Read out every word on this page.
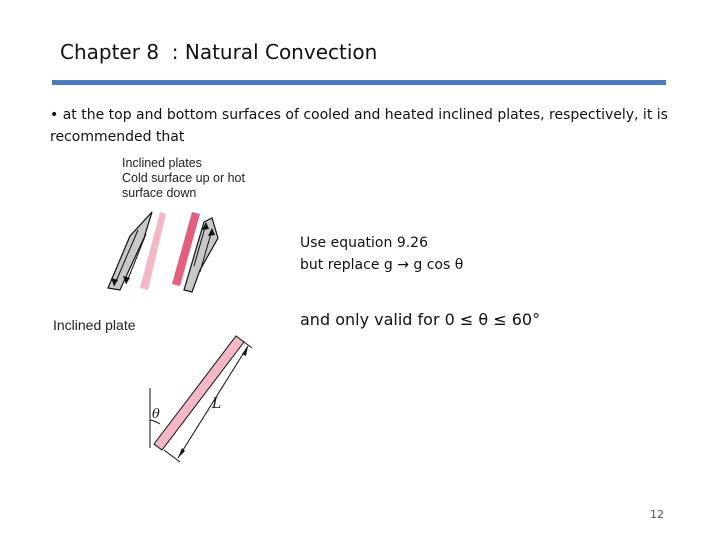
Chapter 8  : Natural Convection
• at the top and bottom surfaces of cooled and heated inclined plates, respectively, it is recommended that
Inclined plates
Cold surface up or hot
surface down
Inclined plate
θ
L
Use equation 9.26
but replace g → g cos θ
and only valid for 0 ≤ θ ≤ 60°
12
